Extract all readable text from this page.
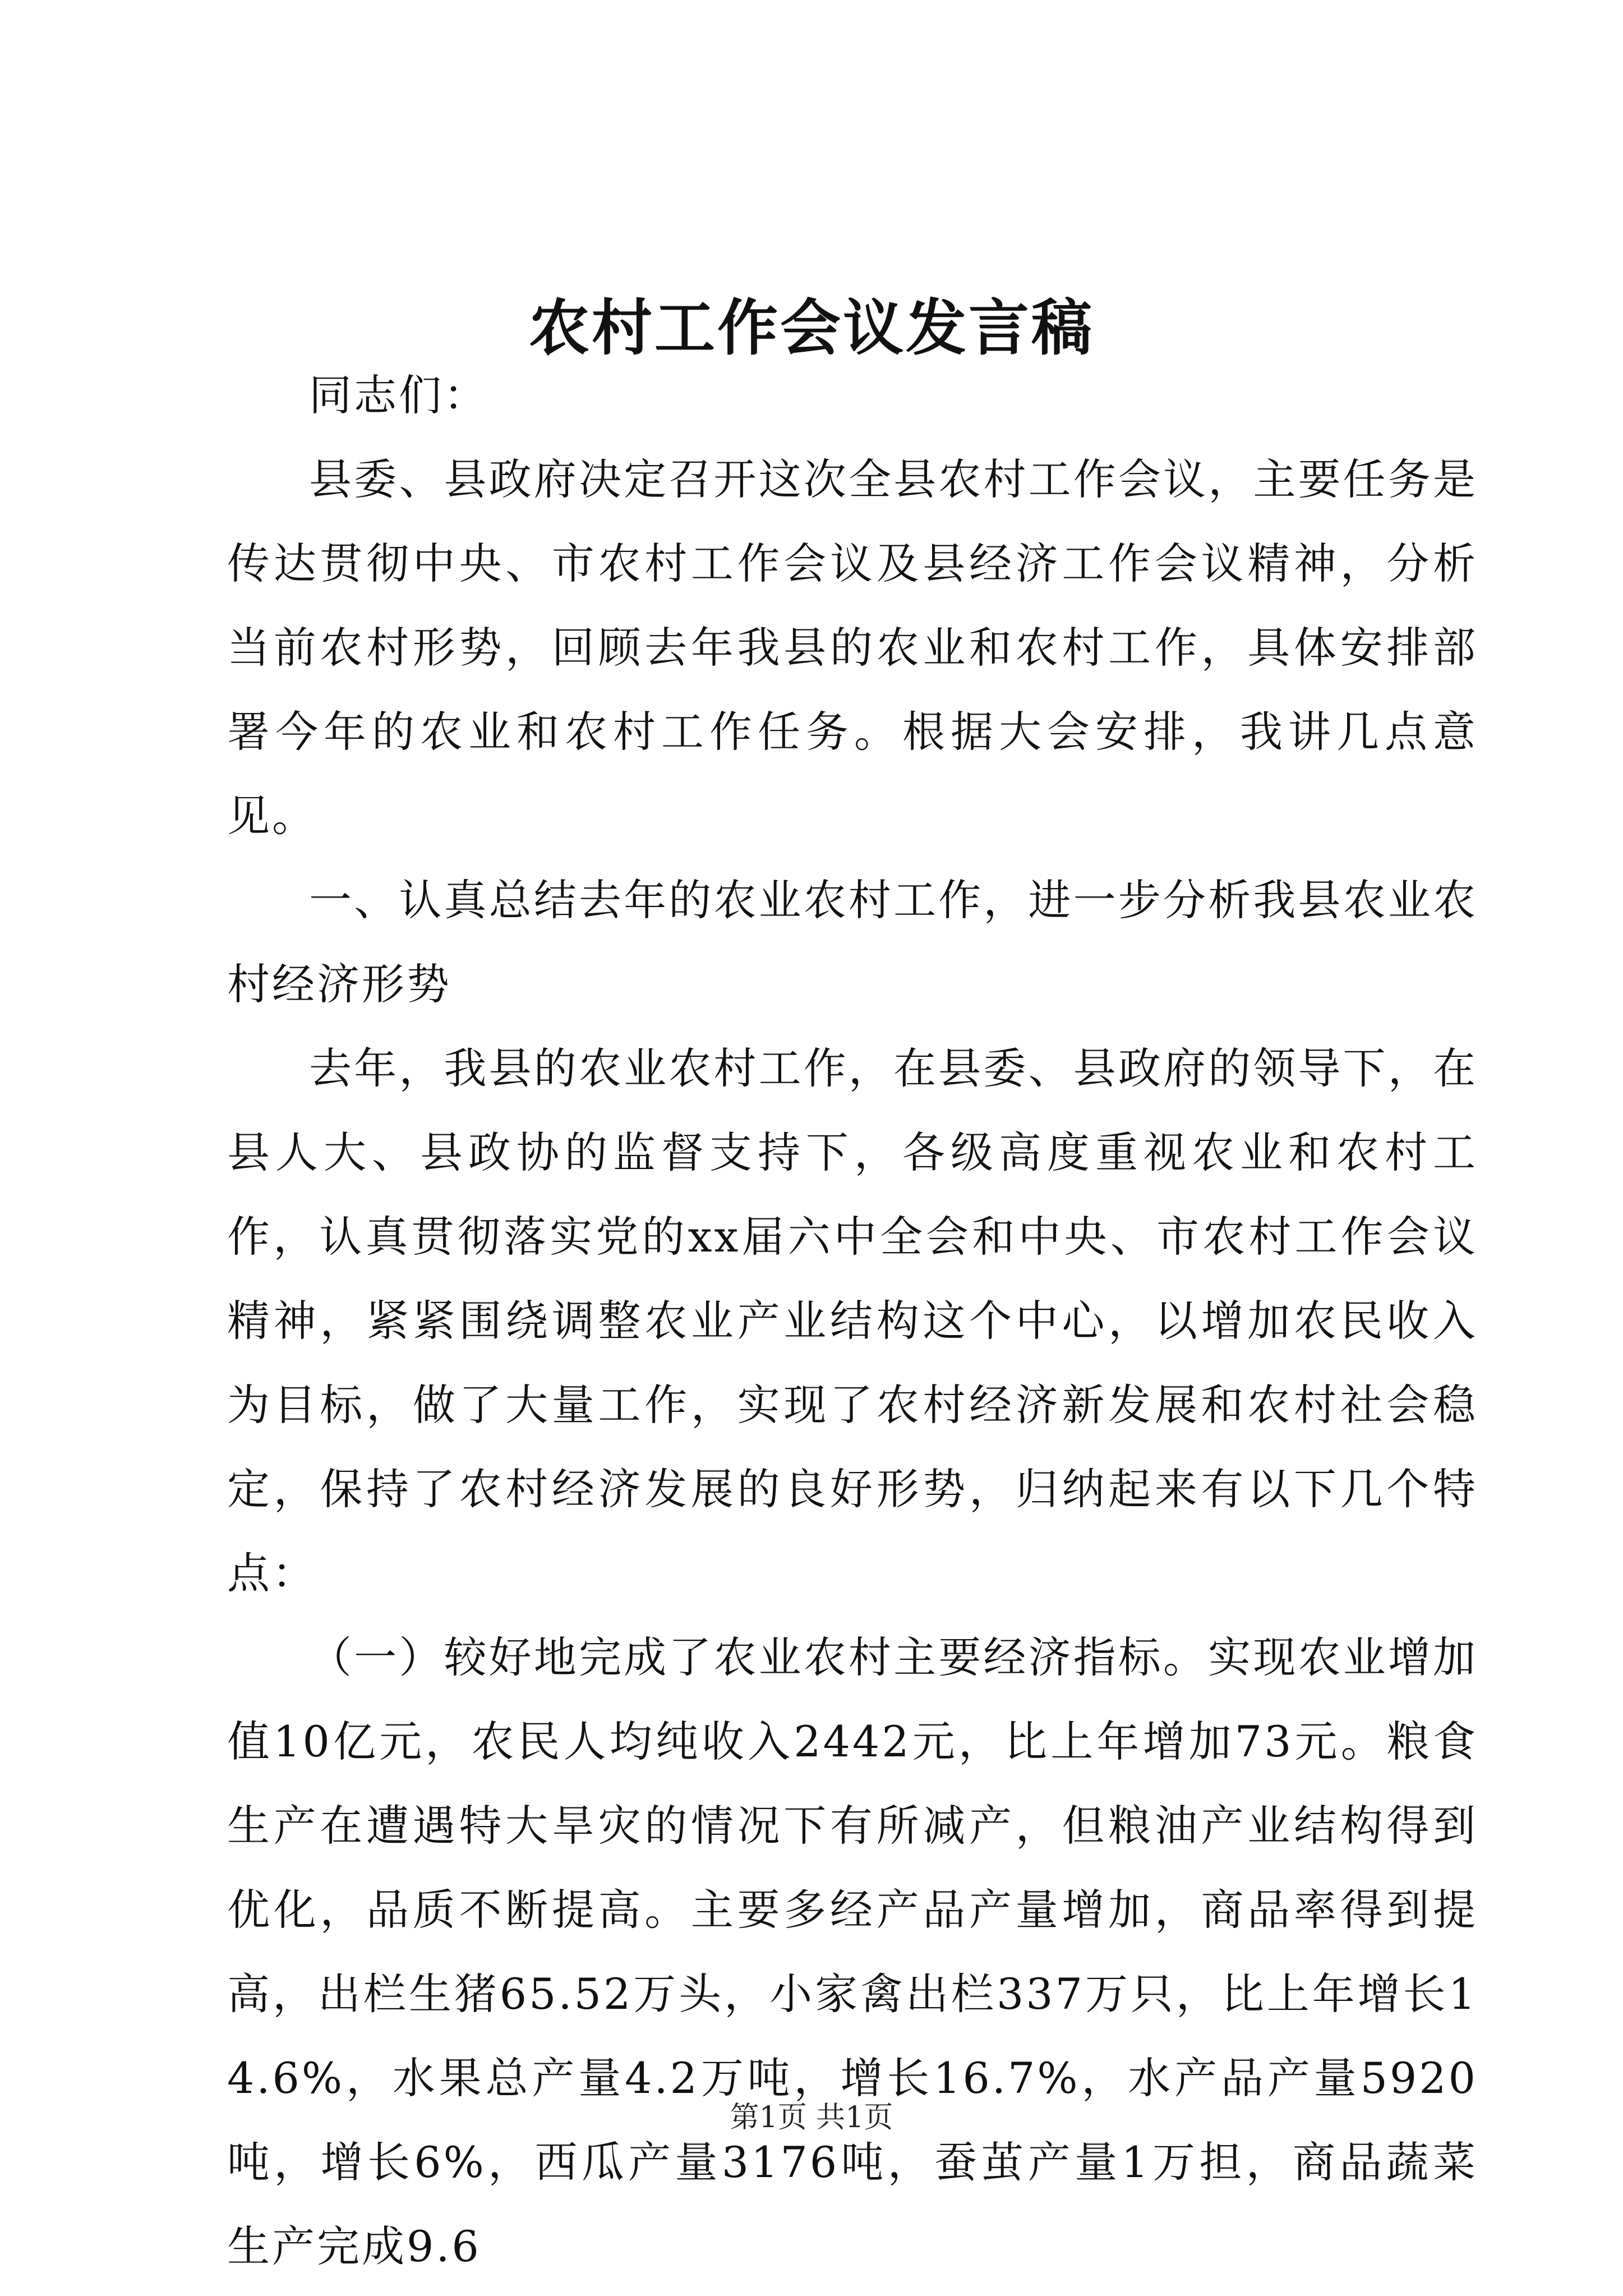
农村工作会议发言稿

同志们：

县委、县政府决定召开这次全县农村工作会议，主要任务是传达贯彻中央、市农村工作会议及县经济工作会议精神，分析当前农村形势，回顾去年我县的农业和农村工作，具体安排部署今年的农业和农村工作任务。根据大会安排，我讲几点意见。

一、认真总结去年的农业农村工作，进一步分析我县农业农村经济形势

去年，我县的农业农村工作，在县委、县政府的领导下，在县人大、县政协的监督支持下，各级高度重视农业和农村工作，认真贯彻落实党的xx届六中全会和中央、市农村工作会议精神，紧紧围绕调整农业产业结构这个中心，以增加农民收入为目标，做了大量工作，实现了农村经济新发展和农村社会稳定，保持了农村经济发展的良好形势，归纳起来有以下几个特点：

（一）较好地完成了农业农村主要经济指标。实现农业增加值10亿元，农民人均纯收入2442元，比上年增加73元。粮食生产在遭遇特大旱灾的情况下有所减产，但粮油产业结构得到优化，品质不断提高。主要多经产品产量增加，商品率得到提高，出栏生猪65.52万头，小家禽出栏337万只，比上年增长14.6%，水果总产量4.2万吨，增长16.7%，水产品产量5920吨，增长6%，西瓜产量3176吨，蚕茧产量1万担，商品蔬菜生产完成9.6

第1页 共1页
